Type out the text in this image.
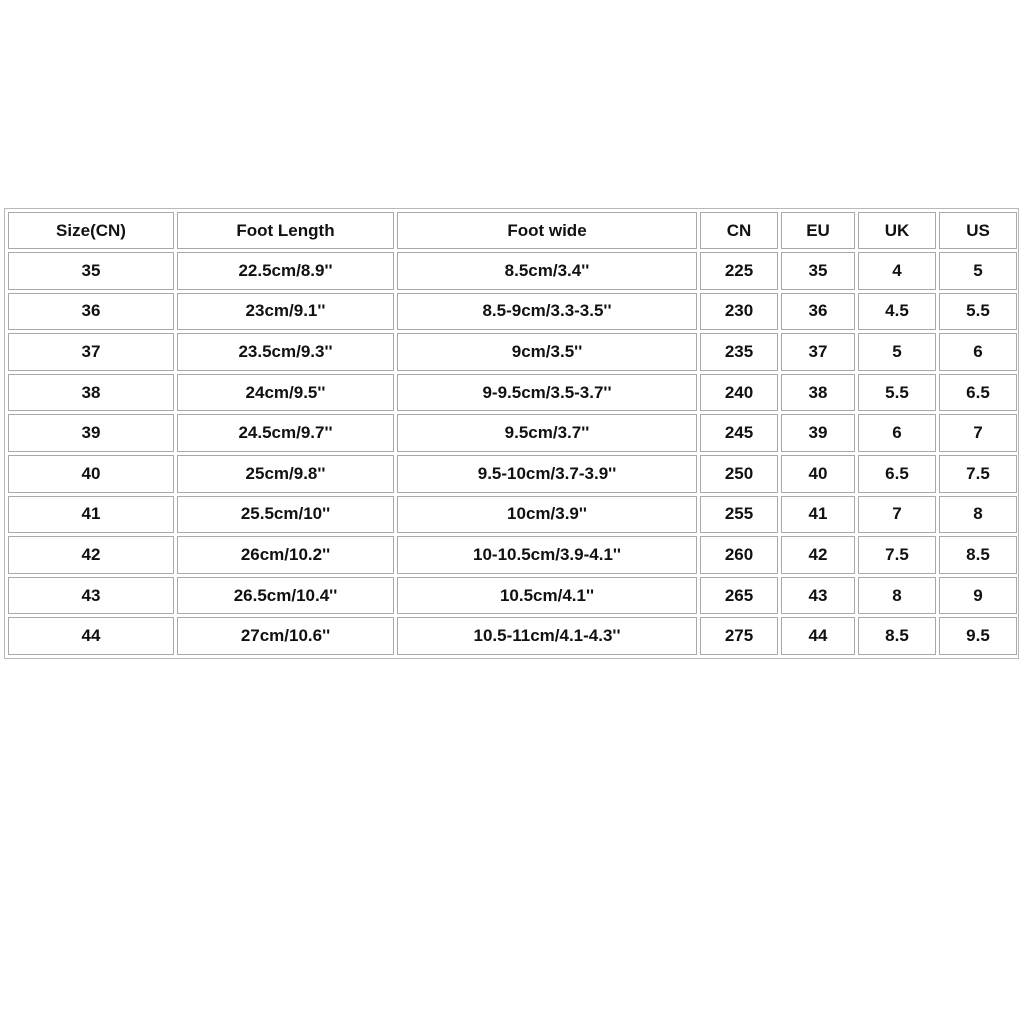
Size(CN)	Foot Length	Foot wide	CN	EU	UK	US
35	22.5cm/8.9''	8.5cm/3.4''	225	35	4	5
36	23cm/9.1''	8.5-9cm/3.3-3.5''	230	36	4.5	5.5
37	23.5cm/9.3''	9cm/3.5''	235	37	5	6
38	24cm/9.5''	9-9.5cm/3.5-3.7''	240	38	5.5	6.5
39	24.5cm/9.7''	9.5cm/3.7''	245	39	6	7
40	25cm/9.8''	9.5-10cm/3.7-3.9''	250	40	6.5	7.5
41	25.5cm/10''	10cm/3.9''	255	41	7	8
42	26cm/10.2''	10-10.5cm/3.9-4.1''	260	42	7.5	8.5
43	26.5cm/10.4''	10.5cm/4.1''	265	43	8	9
44	27cm/10.6''	10.5-11cm/4.1-4.3''	275	44	8.5	9.5
